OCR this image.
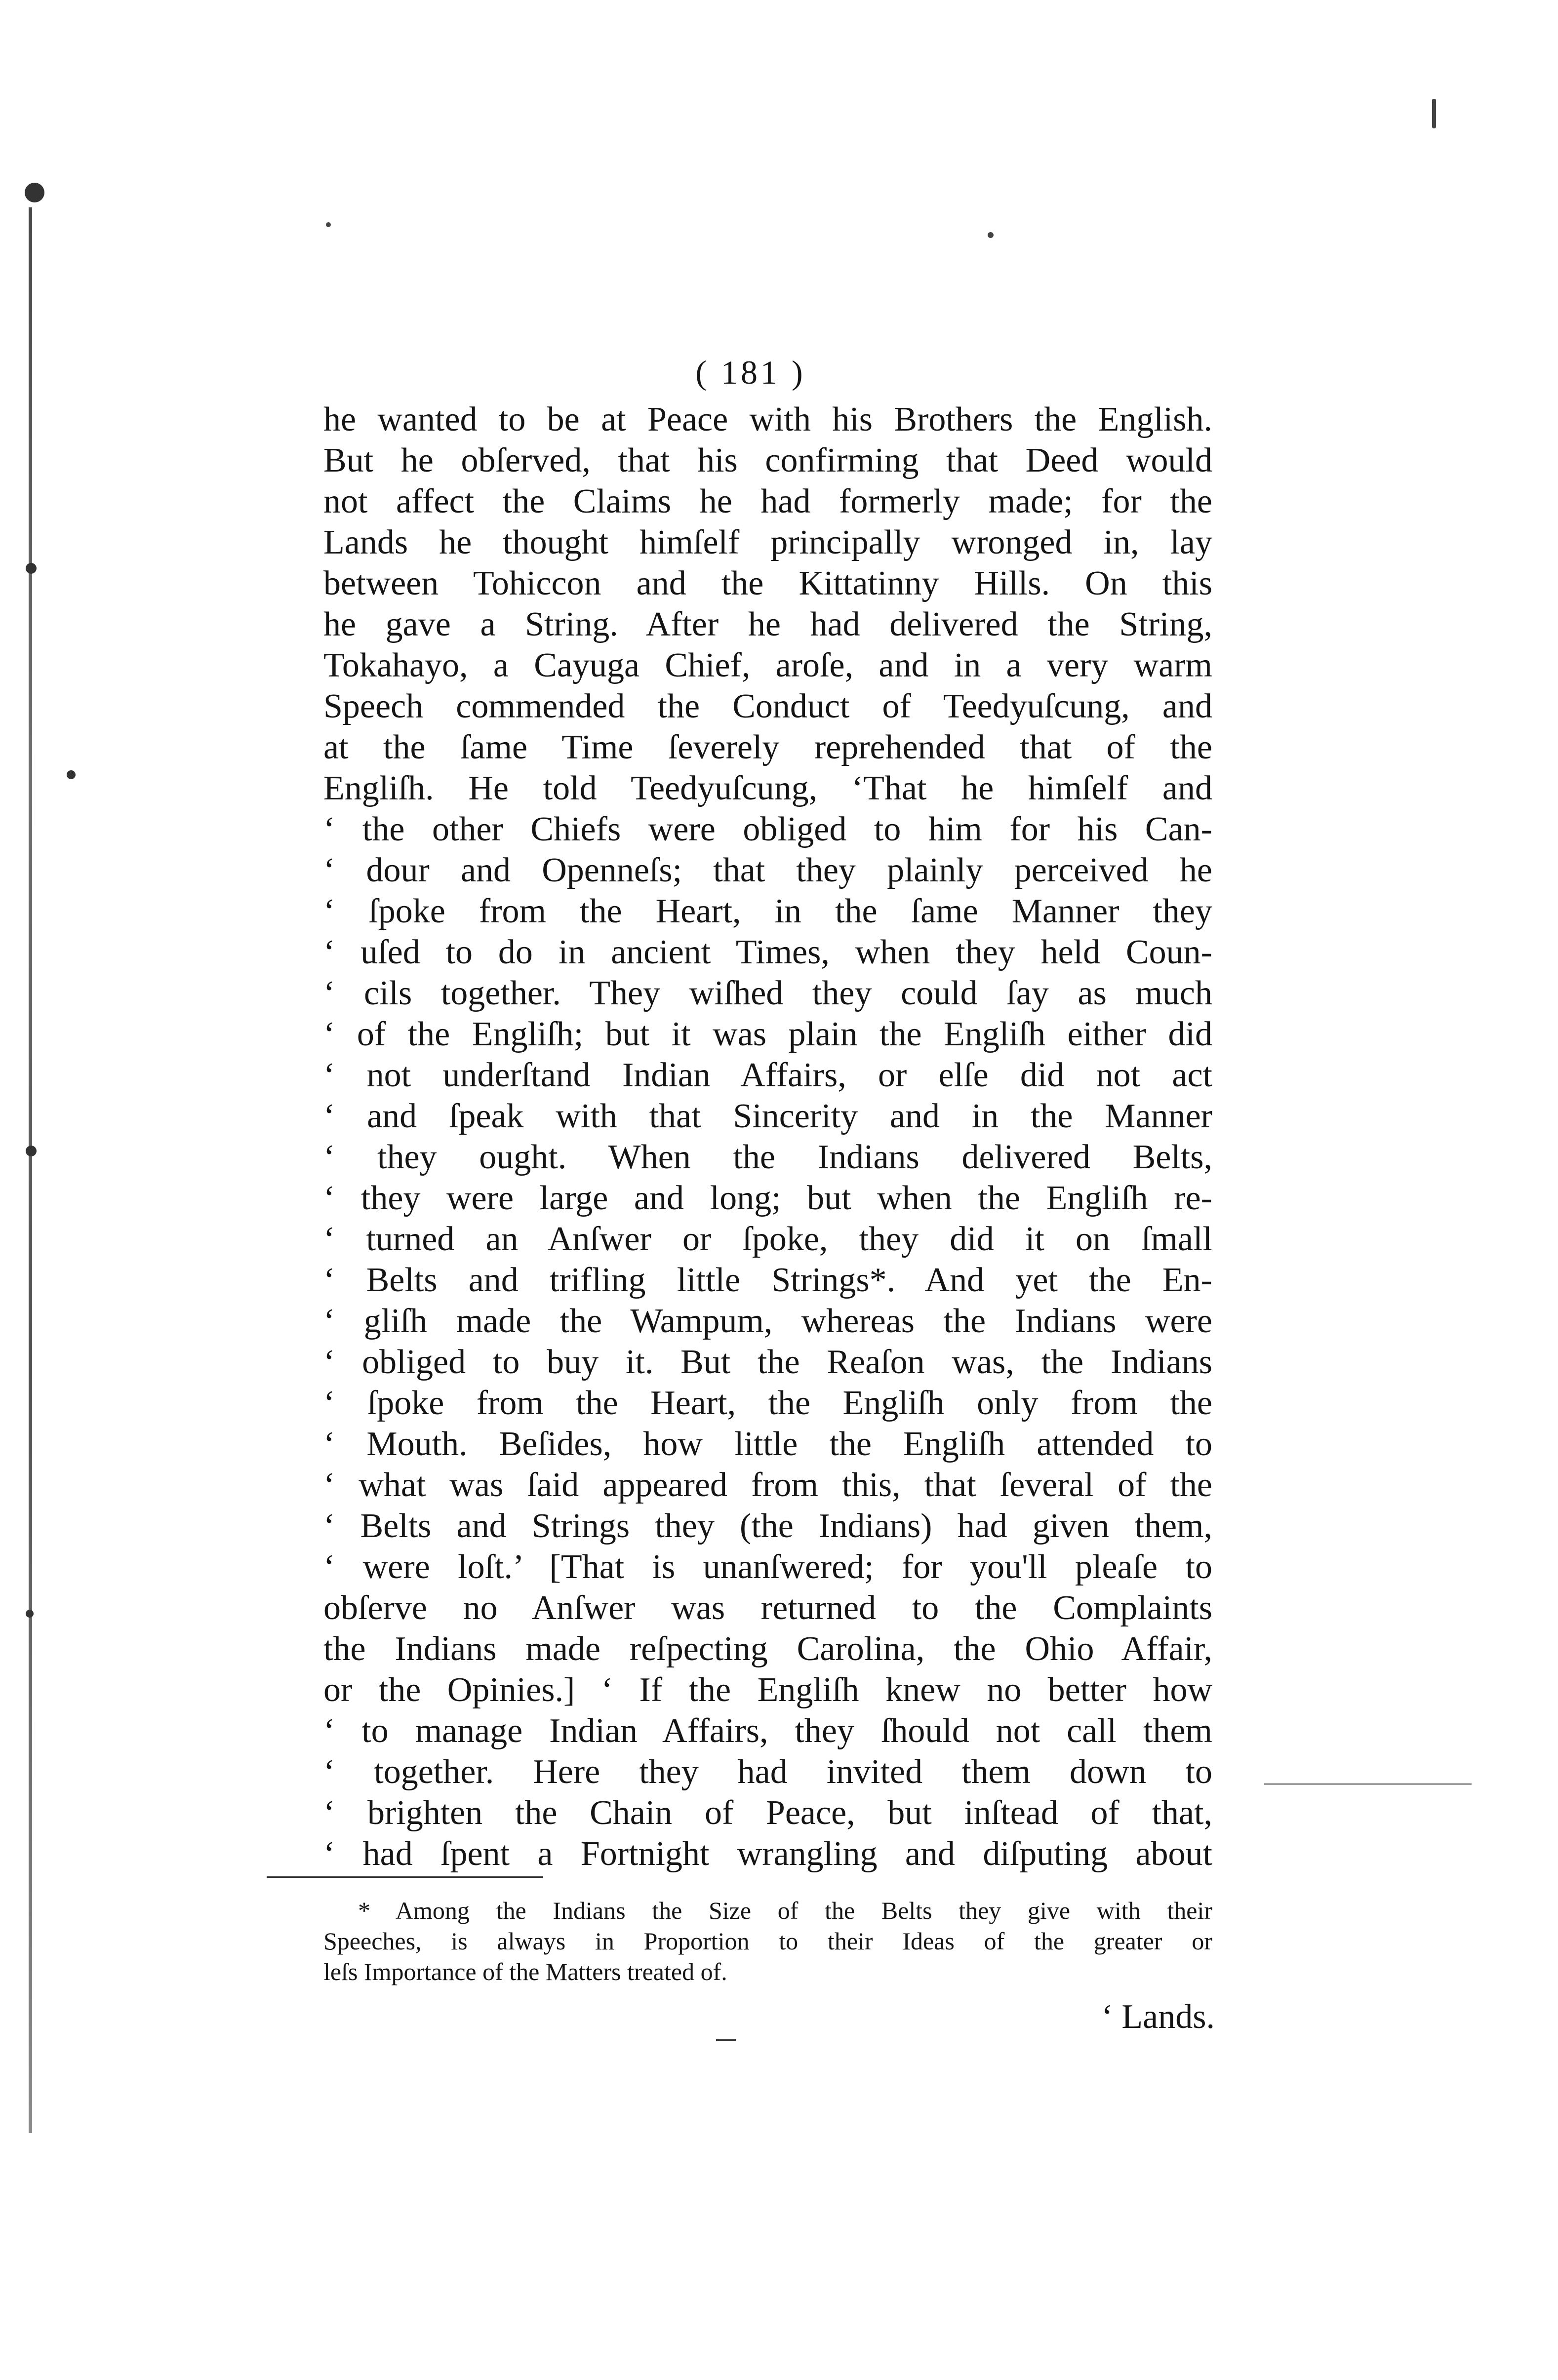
( 181 )
he wanted to be at Peace with his Brothers the English.
But he obſerved, that his confirming that Deed would
not affect the Claims he had formerly made; for the
Lands he thought himſelf principally wronged in, lay
between Tohiccon and the Kittatinny Hills. On this
he gave a String. After he had delivered the String,
Tokahayo, a Cayuga Chief, aroſe, and in a very warm
Speech commended the Conduct of Teedyuſcung, and
at the ſame Time ſeverely reprehended that of the
Engliſh. He told Teedyuſcung, ‘That he himſelf and
‘ the other Chiefs were obliged to him for his Can-
‘ dour and Openneſs; that they plainly perceived he
‘ ſpoke from the Heart, in the ſame Manner they
‘ uſed to do in ancient Times, when they held Coun-
‘ cils together. They wiſhed they could ſay as much
‘ of the Engliſh; but it was plain the Engliſh either did
‘ not underſtand Indian Affairs, or elſe did not act
‘ and ſpeak with that Sincerity and in the Manner
‘ they ought. When the Indians delivered Belts,
‘ they were large and long; but when the Engliſh re-
‘ turned an Anſwer or ſpoke, they did it on ſmall
‘ Belts and trifling little Strings*. And yet the En-
‘ gliſh made the Wampum, whereas the Indians were
‘ obliged to buy it. But the Reaſon was, the Indians
‘ ſpoke from the Heart, the Engliſh only from the
‘ Mouth. Beſides, how little the Engliſh attended to
‘ what was ſaid appeared from this, that ſeveral of the
‘ Belts and Strings they (the Indians) had given them,
‘ were loſt.’ [That is unanſwered; for you'll pleaſe to
obſerve no Anſwer was returned to the Complaints
the Indians made reſpecting Carolina, the Ohio Affair,
or the Opinies.] ‘ If the Engliſh knew no better how
‘ to manage Indian Affairs, they ſhould not call them
‘ together. Here they had invited them down to
‘ brighten the Chain of Peace, but inſtead of that,
‘ had ſpent a Fortnight wrangling and diſputing about
* Among the Indians the Size of the Belts they give with their
Speeches, is always in Proportion to their Ideas of the greater or
leſs Importance of the Matters treated of.
‘ Lands.
